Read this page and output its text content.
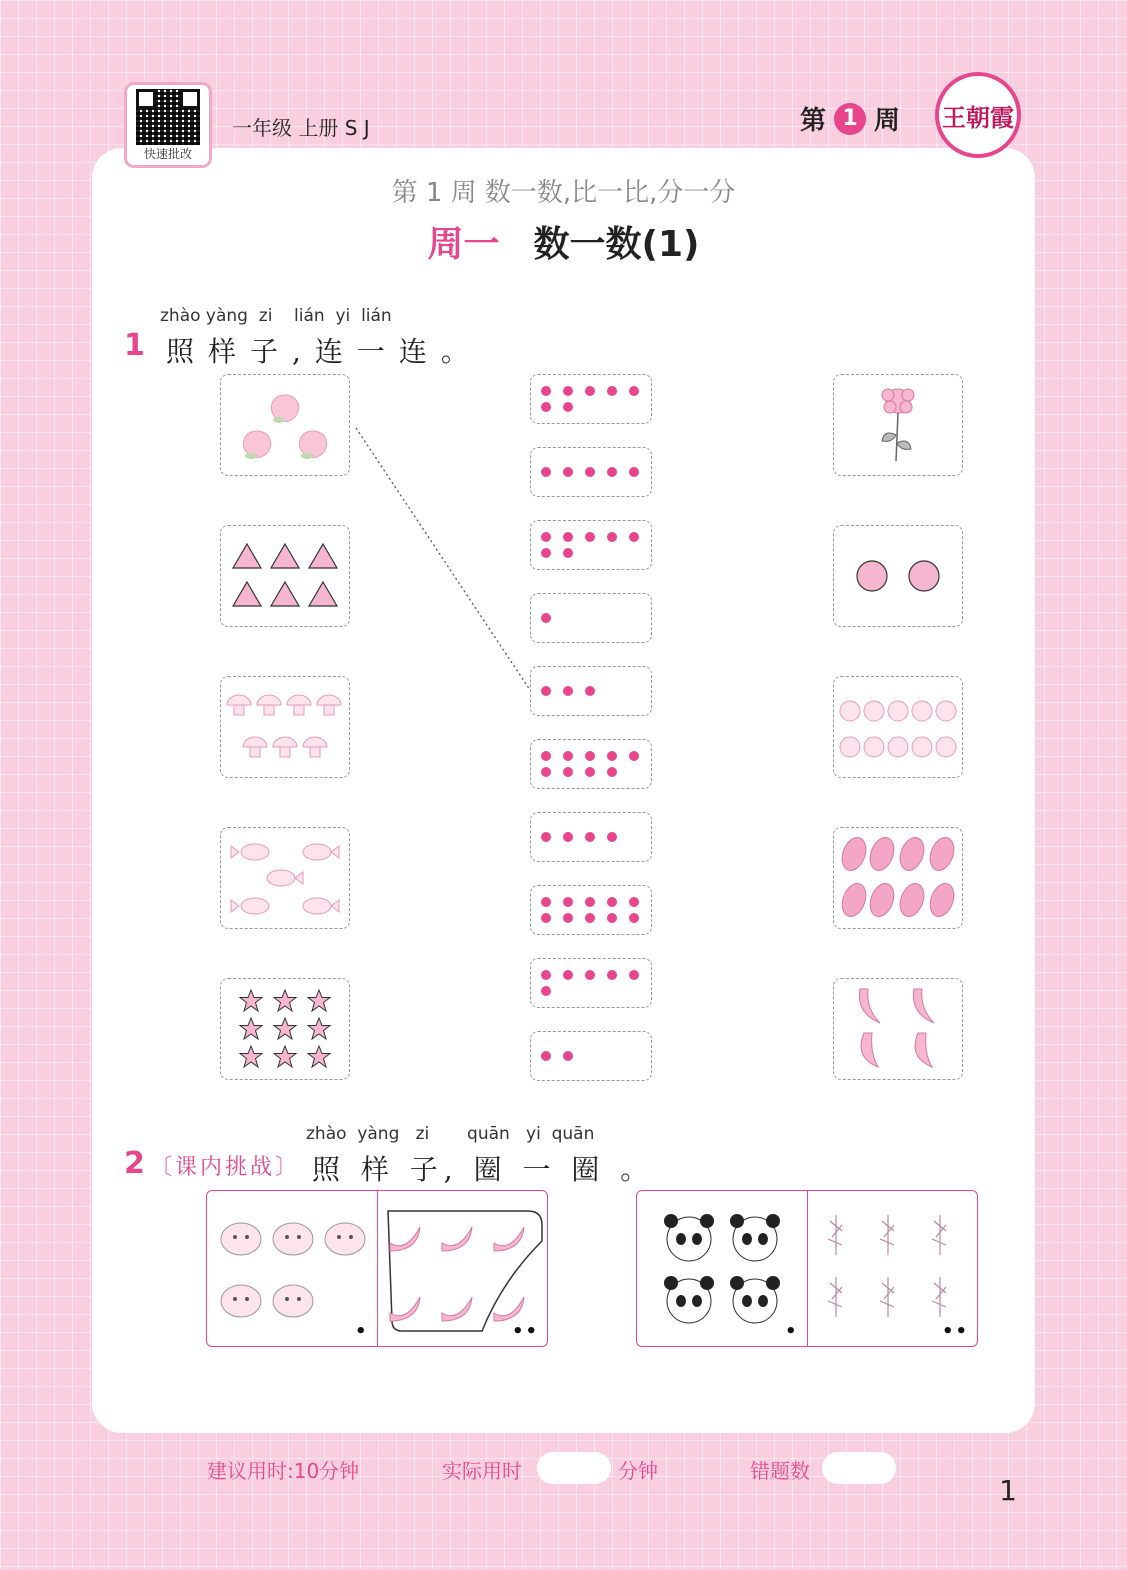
快速批改
一年级 上册 S J	第 1 周 王朝霞
第 1 周 数一数,比一比,分一分
周一 数一数(1)
zhào yàng  zi    lián  yi  lián
1 照样子,连一连。
zhào  yàng   zi       quān   yi  quān
2 〔课内挑战〕 照 样 子, 圈 一 圈 。
•	••	•	••
建议用时:10分钟	实际用时	分钟	错题数
1
